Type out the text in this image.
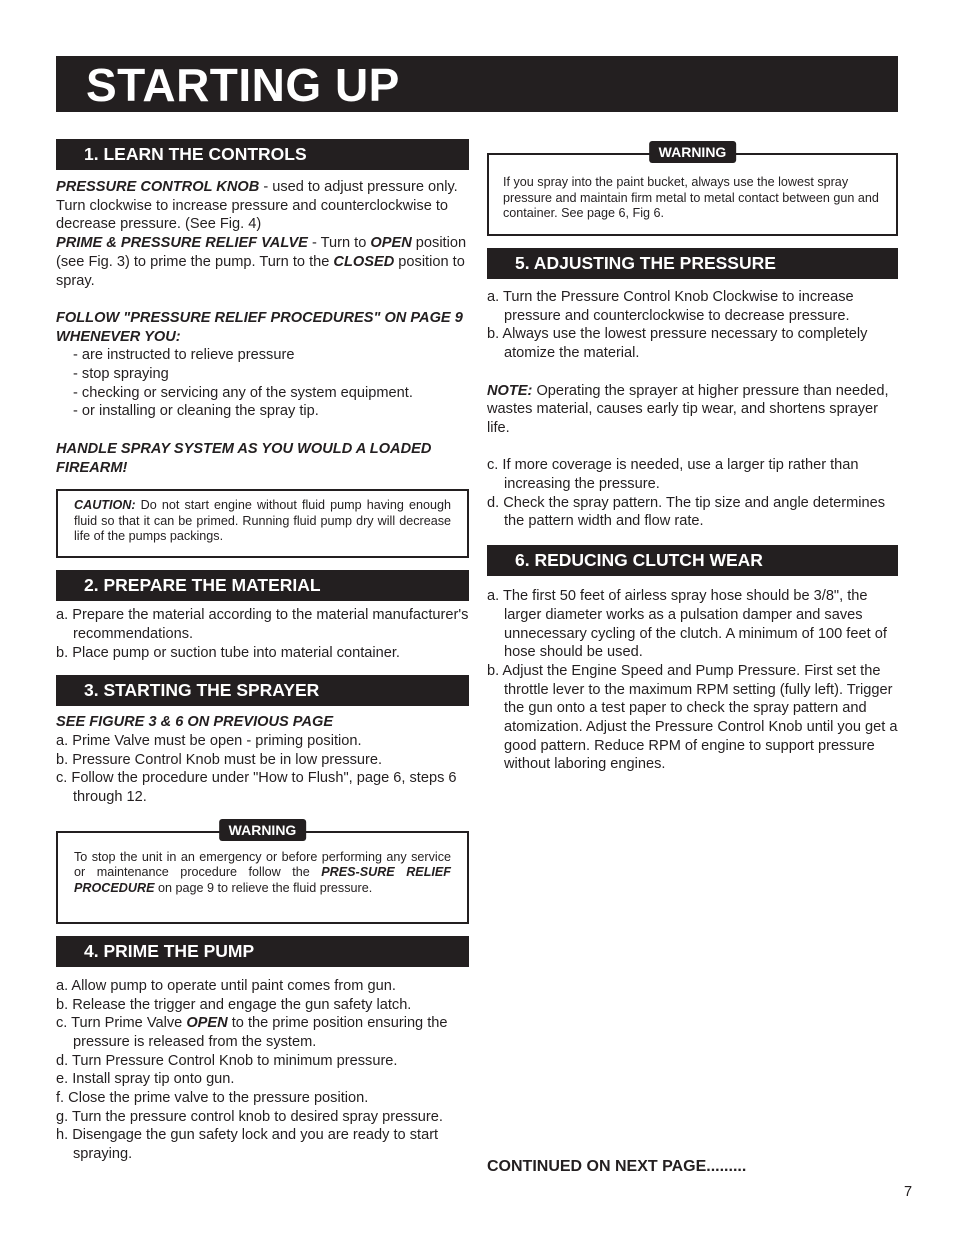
STARTING UP
1. LEARN THE CONTROLS

PRESSURE CONTROL KNOB - used to adjust pressure only. Turn clockwise to increase pressure and counterclockwise to decrease pressure. (See Fig. 4)

PRIME & PRESSURE RELIEF VALVE - Turn to OPEN position (see Fig. 3) to prime the pump. Turn to the CLOSED position to spray.

FOLLOW "PRESSURE RELIEF PROCEDURES" ON PAGE 9 WHENEVER YOU:

- are instructed to relieve pressure

- stop spraying

- checking or servicing any of the system equipment.

- or installing or cleaning the spray tip.

HANDLE SPRAY SYSTEM AS YOU WOULD A LOADED FIREARM!

CAUTION: Do not start engine without fluid pump having enough fluid so that it can be primed. Running fluid pump dry will decrease life of the pumps packings.
2. PREPARE THE MATERIAL

a. Prepare the material according to the material manufacturer's recommendations.

b. Place pump or suction tube into material container.

3. STARTING THE SPRAYER

SEE FIGURE 3 & 6 ON PREVIOUS PAGE

a. Prime Valve must be open - priming position.

b. Pressure Control Knob must be in low pressure.

c. Follow the procedure under "How to Flush", page 6, steps 6 through 12.

WARNING
To stop the unit in an emergency or before performing any service or maintenance procedure follow the PRES-SURE RELIEF PROCEDURE on page 9 to relieve the fluid pressure.
4. PRIME THE PUMP

a. Allow pump to operate until paint comes from gun.

b. Release the trigger and engage the gun safety latch.

c. Turn Prime Valve OPEN to the prime position ensuring the pressure is released from the system.

d. Turn Pressure Control Knob to minimum pressure.

e. Install spray tip onto gun.

f. Close the prime valve to the pressure position.

g. Turn the pressure control knob to desired spray pressure.

h. Disengage the gun safety lock and you are ready to start spraying.

WARNING
If you spray into the paint bucket, always use the lowest spray pressure and maintain firm metal to metal contact between gun and container. See page 6, Fig 6.
5. ADJUSTING THE PRESSURE

a. Turn the Pressure Control Knob Clockwise to increase pressure and counterclockwise to decrease pressure.

b. Always use the lowest pressure necessary to completely atomize the material.

NOTE: Operating the sprayer at higher pressure than needed, wastes material, causes early tip wear, and shortens sprayer life.

c. If more coverage is needed, use a larger tip rather than increasing the pressure.

d. Check the spray pattern. The tip size and angle determines the pattern width and flow rate.

6. REDUCING CLUTCH WEAR

a. The first 50 feet of airless spray hose should be 3/8", the larger diameter works as a pulsation damper and saves unnecessary cycling of the clutch. A minimum of 100 feet of hose should be used.

b. Adjust the Engine Speed and Pump Pressure. First set the throttle lever to the maximum RPM setting (fully left). Trigger the gun onto a test paper to check the spray pattern and atomization. Adjust the Pressure Control Knob until you get a good pattern. Reduce RPM of engine to support pressure without laboring engines.

CONTINUED ON NEXT PAGE.........
7
